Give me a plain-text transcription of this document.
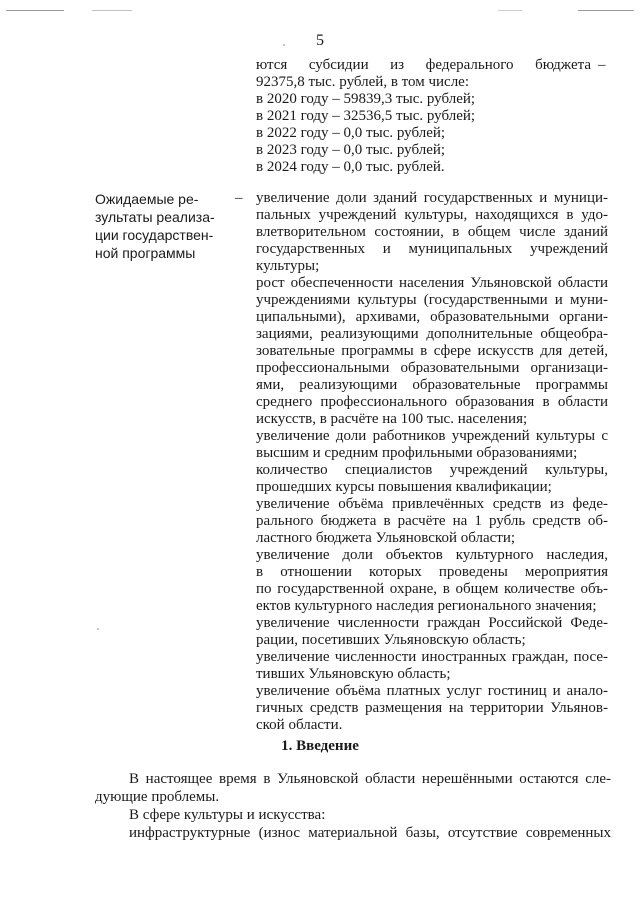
5
ются субсидии из федерального бюджета
92375,8 тыс. рублей, в том числе:
в 2020 году – 59839,3 тыс. рублей;
в 2021 году – 32536,5 тыс. рублей;
в 2022 году – 0,0 тыс. рублей;
в 2023 году – 0,0 тыс. рублей;
в 2024 году – 0,0 тыс. рублей.
–
Ожидаемые ре-
зультаты реализа-
ции государствен-
ной программы
– увеличение доли зданий государственных и муници-
пальных учреждений культуры, находящихся в удо-
влетворительном состоянии, в общем числе зданий
государственных и муниципальных учреждений
культуры;
рост обеспеченности населения Ульяновской области
учреждениями культуры (государственными и муни-
ципальными), архивами, образовательными органи-
зациями, реализующими дополнительные общеобра-
зовательные программы в сфере искусств для детей,
профессиональными образовательными организаци-
ями, реализующими образовательные программы
среднего профессионального образования в области
искусств, в расчёте на 100 тыс. населения;
увеличение доли работников учреждений культуры с
высшим и средним профильными образованиями;
количество специалистов учреждений культуры,
прошедших курсы повышения квалификации;
увеличение объёма привлечённых средств из феде-
рального бюджета в расчёте на 1 рубль средств об-
ластного бюджета Ульяновской области;
увеличение доли объектов культурного наследия,
в отношении которых проведены мероприятия
по государственной охране, в общем количестве объ-
ектов культурного наследия регионального значения;
увеличение численности граждан Российской Феде-
рации, посетивших Ульяновскую область;
увеличение численности иностранных граждан, посе-
тивших Ульяновскую область;
увеличение объёма платных услуг гостиниц и анало-
гичных средств размещения на территории Ульянов-
ской области.
1. Введение
В настоящее время в Ульяновской области нерешёнными остаются сле-
дующие проблемы.
В сфере культуры и искусства:
инфраструктурные (износ материальной базы, отсутствие современных
